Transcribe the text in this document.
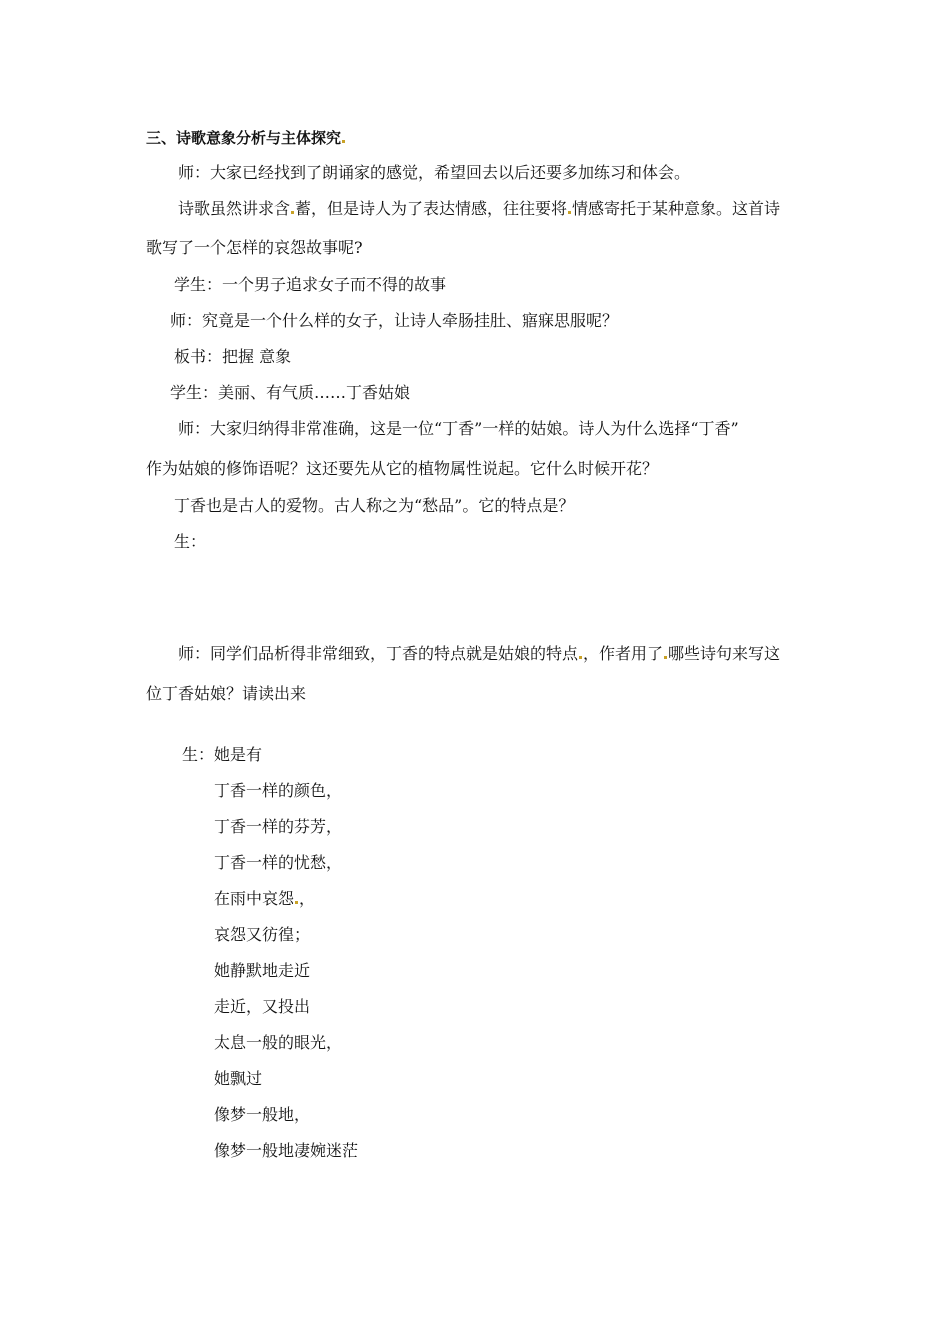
三、诗歌意象分析与主体探究
师：大家已经找到了朗诵家的感觉，希望回去以后还要多加练习和体会。
诗歌虽然讲求含 蓄，但是诗人为了表达情感，往往要将 情感寄托于某种意象。这首诗
歌写了一个怎样的哀怨故事呢?
学生：一个男子追求女子而不得的故事
师：究竟是一个什么样的女子，让诗人牵肠挂肚、寤寐思服呢？
板书：把握 意象
学生：美丽、有气质……丁香姑娘
师：大家归纳得非常准确，这是一位“丁香”一样的姑娘。诗人为什么选择“丁香”
作为姑娘的修饰语呢？这还要先从它的植物属性说起。它什么时候开花？
丁香也是古人的爱物。古人称之为“愁品”。它的特点是？
生：
师：同学们品析得非常细致，丁香的特点就是姑娘的特点 ，作者用了 哪些诗句来写这
位丁香姑娘？请读出来
生：她是有
丁香一样的颜色，
丁香一样的芬芳，
丁香一样的忧愁，
在雨中哀怨 ，
哀怨又彷徨；
她静默地走近
走近，又投出
太息一般的眼光，
她飘过
像梦一般地，
像梦一般地凄婉迷茫
